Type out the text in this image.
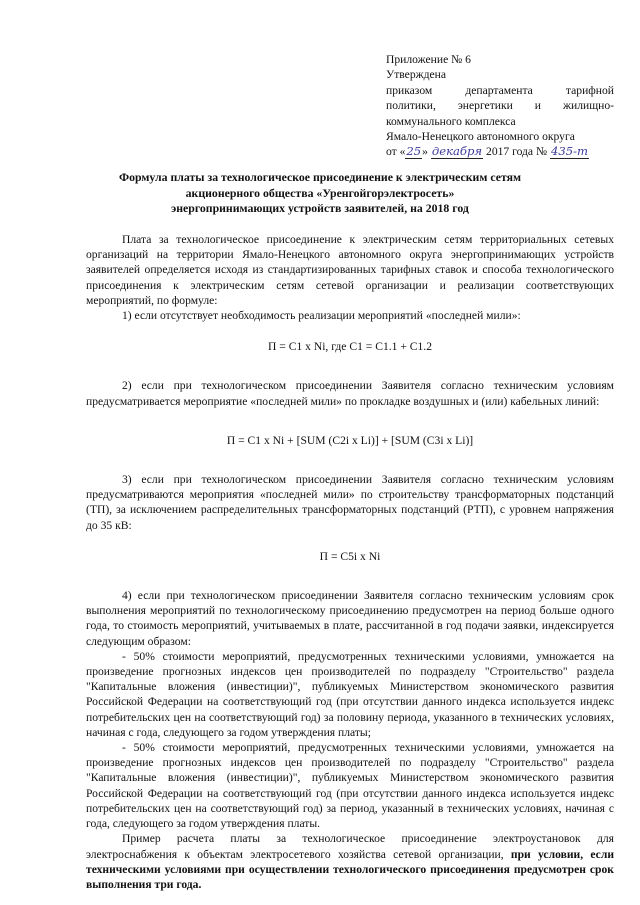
Приложение № 6
Утверждена
приказом департамента тарифной
политики, энергетики и жилищно-
коммунального комплекса
Ямало-Ненецкого автономного округа
от «25» декабря 2017 года № 435-т
Формула платы за технологическое присоединение к электрическим сетям
акционерного общества «Уренгойгорэлектросеть»
энергопринимающих устройств заявителей, на 2018 год

Плата за технологическое присоединение к электрическим сетям территориальных сетевых организаций на территории Ямало-Ненецкого автономного округа энергопринимающих устройств заявителей определяется исходя из стандартизированных тарифных ставок и способа технологического присоединения к электрическим сетям сетевой организации и реализации соответствующих мероприятий, по формуле:

1) если отсутствует необходимость реализации мероприятий «последней мили»:

П = С1 х Ni, где С1 = С1.1 + С1.2

2) если при технологическом присоединении Заявителя согласно техническим условиям предусматривается мероприятие «последней мили» по прокладке воздушных и (или) кабельных линий:

П = С1 х Ni + [SUM (C2i x Li)] + [SUM (C3i x Li)]

3) если при технологическом присоединении Заявителя согласно техническим условиям предусматриваются мероприятия «последней мили» по строительству трансформаторных подстанций (ТП), за исключением распределительных трансформаторных подстанций (РТП), с уровнем напряжения до 35 кВ:

П = С5i х Ni

4) если при технологическом присоединении Заявителя согласно техническим условиям срок выполнения мероприятий по технологическому присоединению предусмотрен на период больше одного года, то стоимость мероприятий, учитываемых в плате, рассчитанной в год подачи заявки, индексируется следующим образом:

- 50% стоимости мероприятий, предусмотренных техническими условиями, умножается на произведение прогнозных индексов цен производителей по подразделу "Строительство" раздела "Капитальные вложения (инвестиции)", публикуемых Министерством экономического развития Российской Федерации на соответствующий год (при отсутствии данного индекса используется индекс потребительских цен на соответствующий год) за половину периода, указанного в технических условиях, начиная с года, следующего за годом утверждения платы;

- 50% стоимости мероприятий, предусмотренных техническими условиями, умножается на произведение прогнозных индексов цен производителей по подразделу "Строительство" раздела "Капитальные вложения (инвестиции)", публикуемых Министерством экономического развития Российской Федерации на соответствующий год (при отсутствии данного индекса используется индекс потребительских цен на соответствующий год) за период, указанный в технических условиях, начиная с года, следующего за годом утверждения платы.

Пример расчета платы за технологическое присоединение электроустановок для электроснабжения к объектам электросетевого хозяйства сетевой организации, при условии, если техническими условиями при осуществлении технологического присоединения предусмотрен срок выполнения три года.
